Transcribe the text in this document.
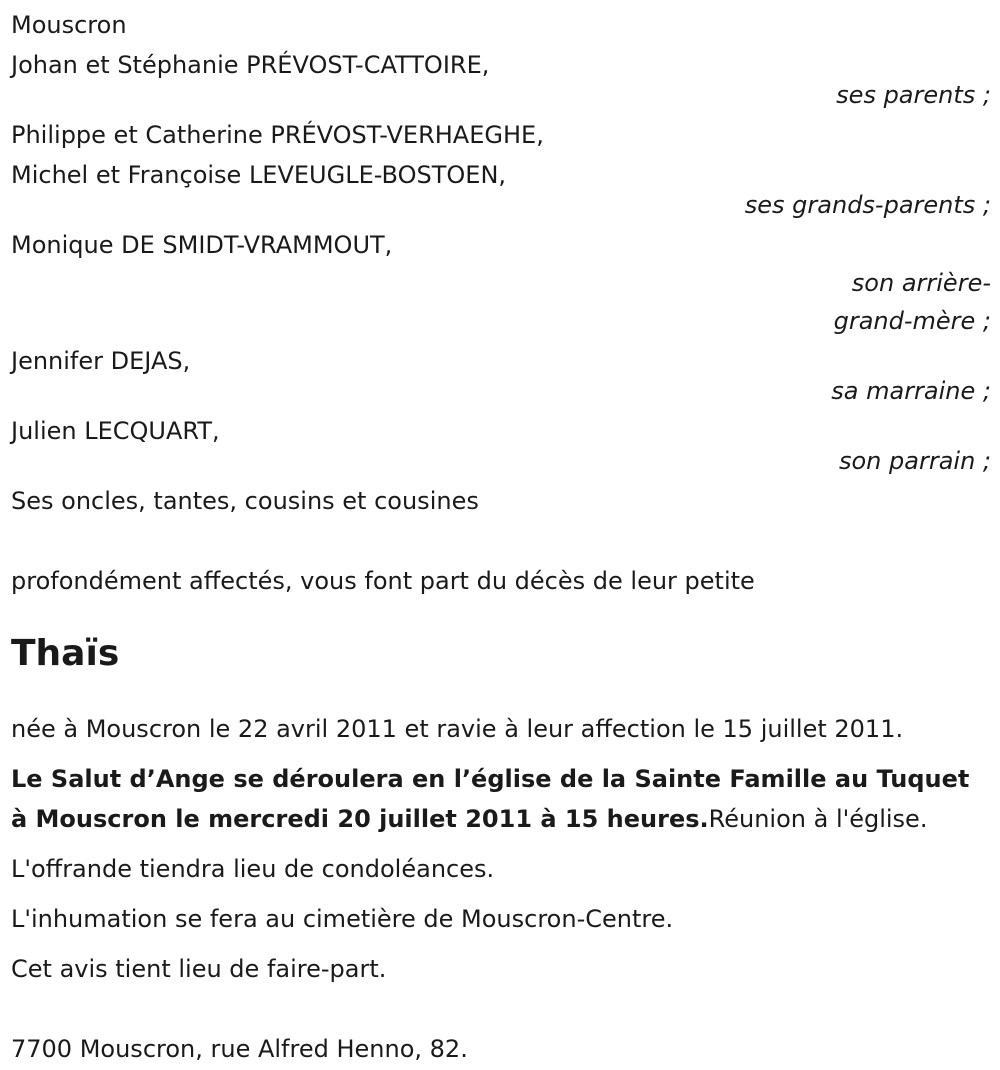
Mouscron
Johan et Stéphanie PRÉVOST-CATTOIRE,
ses parents ;
Philippe et Catherine PRÉVOST-VERHAEGHE,
Michel et Françoise LEVEUGLE-BOSTOEN,
ses grands-parents ;
Monique DE SMIDT-VRAMMOUT,
son arrière-
grand-mère ;
Jennifer DEJAS,
sa marraine ;
Julien LECQUART,
son parrain ;
Ses oncles, tantes, cousins et cousines
profondément affectés, vous font part du décès de leur petite
Thaïs
née à Mouscron le 22 avril 2011 et ravie à leur affection le 15 juillet 2011.
Le Salut d’Ange se déroulera en l’église de la Sainte Famille au Tuquet
à Mouscron le mercredi 20 juillet 2011 à 15 heures.Réunion à l'église.
L'offrande tiendra lieu de condoléances.
L'inhumation se fera au cimetière de Mouscron-Centre.
Cet avis tient lieu de faire-part.
7700 Mouscron, rue Alfred Henno, 82.
